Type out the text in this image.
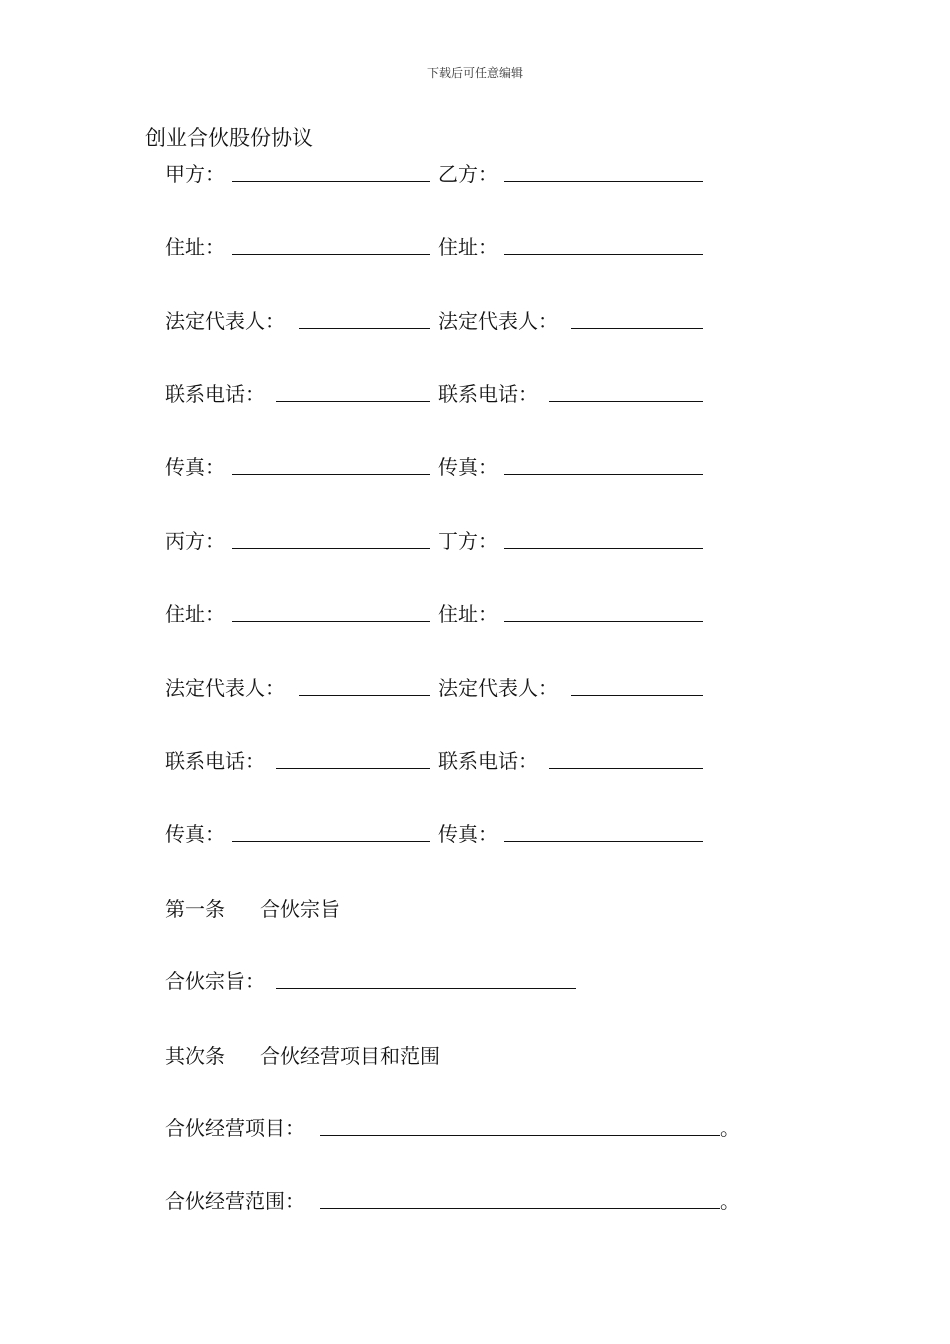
下载后可任意编辑
创业合伙股份协议
甲方：	乙方：
住址：	住址：
法定代表人：	法定代表人：
联系电话：	联系电话：
传真：	传真：
丙方：	丁方：
住址：	住址：
法定代表人：	法定代表人：
联系电话：	联系电话：
传真：	传真：
第一条 合伙宗旨
合伙宗旨：
其次条 合伙经营项目和范围
合伙经营项目：	。
合伙经营范围：	。
